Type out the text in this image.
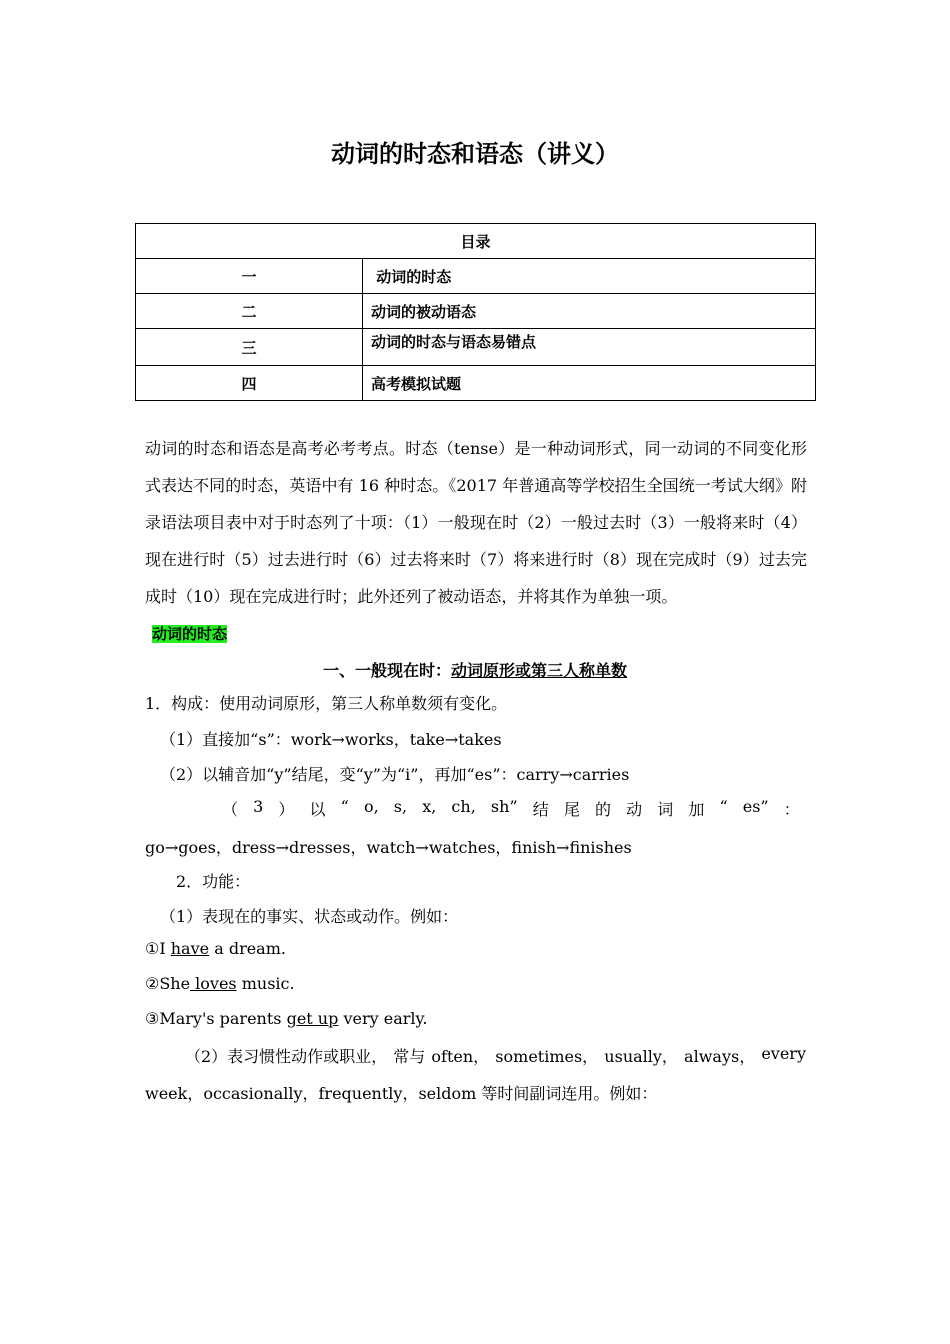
动词的时态和语态（讲义）
目录	
一	动词的时态
二	动词的被动语态
三	动词的时态与语态易错点
四	高考模拟试题
动词的时态和语态是高考必考考点。时态（tense）是一种动词形式，同一动词的不同变化形式表达不同的时态，英语中有 16 种时态。《2017 年普通高等学校招生全国统一考试大纲》附录语法项目表中对于时态列了十项：（1）一般现在时（2）一般过去时（3）一般将来时（4）现在进行时（5）过去进行时（6）过去将来时（7）将来进行时（8）现在完成时（9）过去完成时（10）现在完成进行时；此外还列了被动语态，并将其作为单独一项。
动词的时态
一、一般现在时：动词原形或第三人称单数
1．构成：使用动词原形，第三人称单数须有变化。
（1）直接加“s”：work→works，take→takes
（2）以辅音加“y”结尾，变“y”为“i”，再加“es”：carry→carries
（ 3 ） 以 “ o, s, x, ch, sh” 结 尾 的 动 词 加 “ es” ：
go→goes，dress→dresses，watch→watches，finish→finishes
2．功能：
（1）表现在的事实、状态或动作。例如：
①I have a dream.
②She loves music.
③Mary's parents get up very early.
（2）表习惯性动作或职业， 常与 often， sometimes， usually， always， every
week，occasionally，frequently，seldom 等时间副词连用。例如：
